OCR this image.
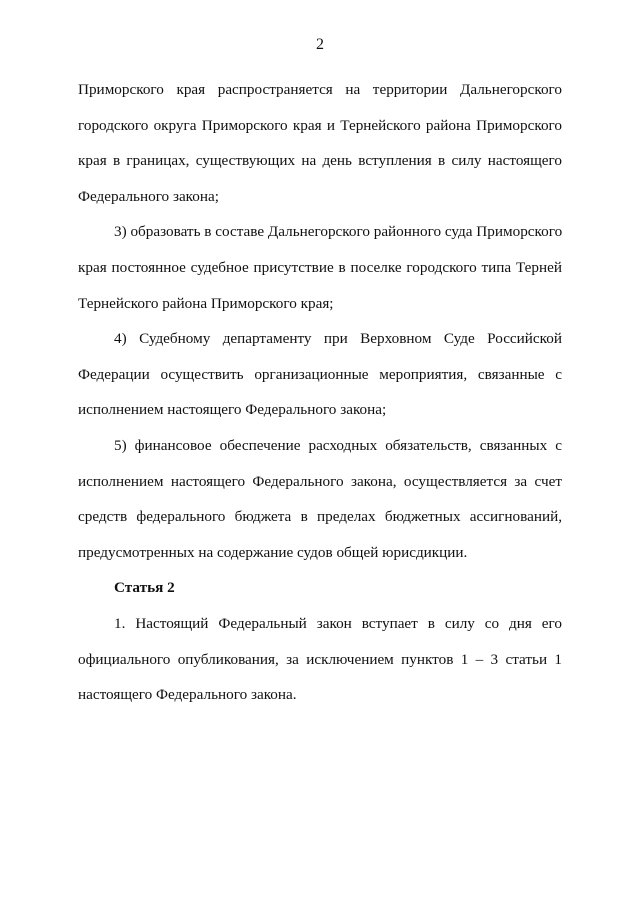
2
Приморского края распространяется на территории Дальнегорского
городского округа Приморского края и Тернейского района Приморского
края в границах, существующих на день вступления в силу настоящего
Федерального закона;
3) образовать в составе Дальнегорского районного суда Приморского
края постоянное судебное присутствие в поселке городского типа Терней
Тернейского района Приморского края;
4) Судебному департаменту при Верховном Суде Российской
Федерации осуществить организационные мероприятия, связанные с
исполнением настоящего Федерального закона;
5) финансовое обеспечение расходных обязательств, связанных с
исполнением настоящего Федерального закона, осуществляется за счет
средств федерального бюджета в пределах бюджетных ассигнований,
предусмотренных на содержание судов общей юрисдикции.
Статья 2
1. Настоящий Федеральный закон вступает в силу со дня его
официального опубликования, за исключением пунктов 1 – 3 статьи 1
настоящего Федерального закона.
